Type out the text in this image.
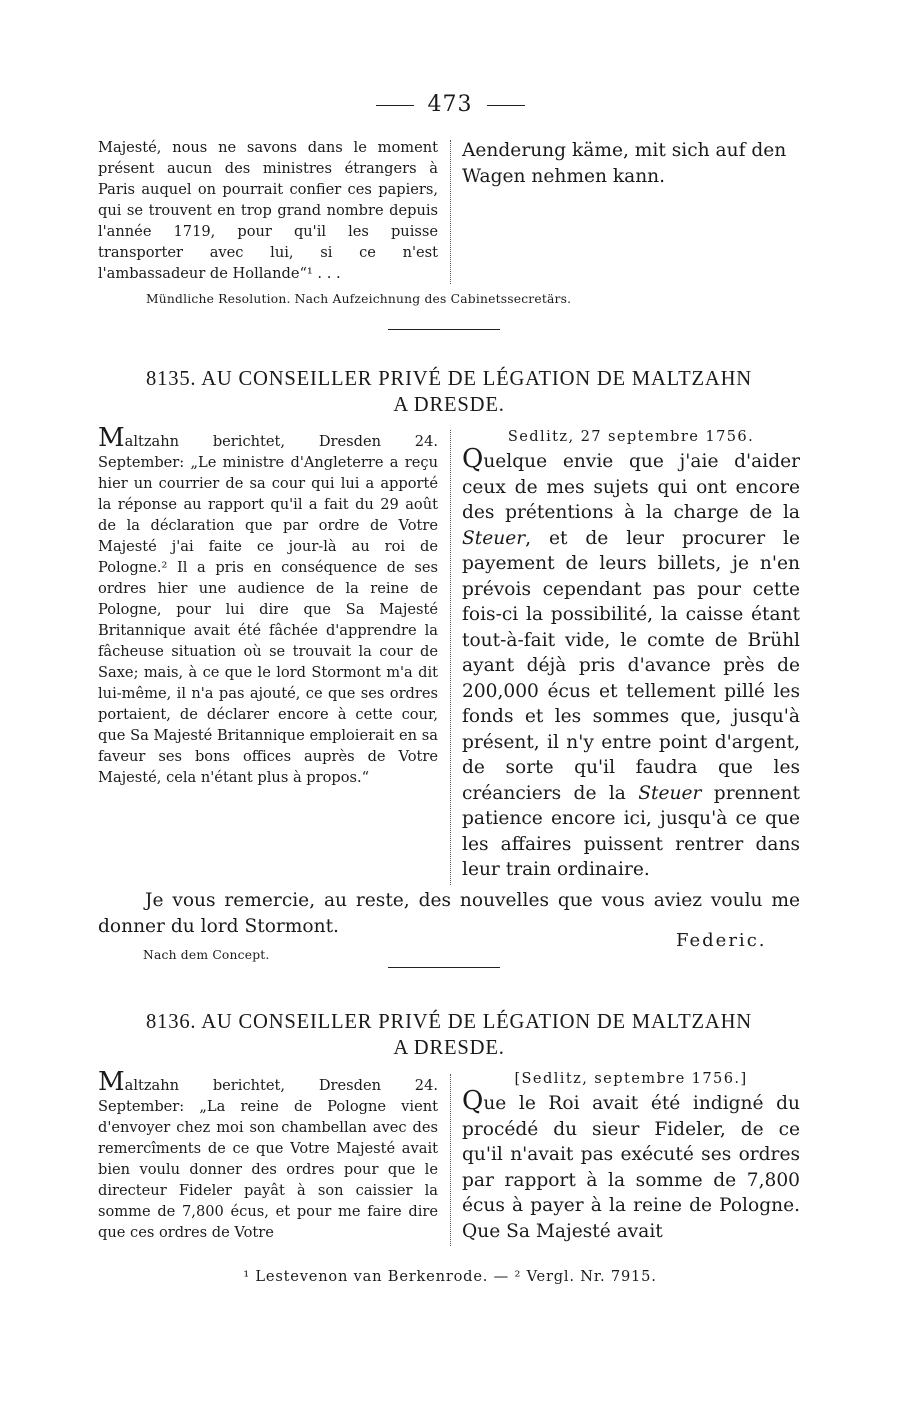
473
Majesté, nous ne savons dans le moment présent aucun des ministres étrangers à Paris auquel on pourrait confier ces papiers, qui se trouvent en trop grand nombre depuis l'année 1719, pour qu'il les puisse transporter avec lui, si ce n'est l'ambassadeur de Hollande“¹ . . .
Aenderung käme, mit sich auf den Wagen nehmen kann.
Mündliche Resolution. Nach Aufzeichnung des Cabinetssecretärs.
8135. AU CONSEILLER PRIVÉ DE LÉGATION DE MALTZAHN
A DRESDE.
Maltzahn berichtet, Dresden 24. September: „Le ministre d'Angleterre a reçu hier un courrier de sa cour qui lui a apporté la réponse au rapport qu'il a fait du 29 août de la déclaration que par ordre de Votre Majesté j'ai faite ce jour-là au roi de Pologne.² Il a pris en conséquence de ses ordres hier une audience de la reine de Pologne, pour lui dire que Sa Majesté Britannique avait été fâchée d'apprendre la fâcheuse situation où se trouvait la cour de Saxe; mais, à ce que le lord Stormont m'a dit lui-même, il n'a pas ajouté, ce que ses ordres portaient, de déclarer encore à cette cour, que Sa Majesté Britannique emploierait en sa faveur ses bons offices auprès de Votre Majesté, cela n'étant plus à propos.“
Sedlitz, 27 septembre 1756.
Quelque envie que j'aie d'aider ceux de mes sujets qui ont encore des prétentions à la charge de la Steuer, et de leur procurer le payement de leurs billets, je n'en prévois cependant pas pour cette fois-ci la possibilité, la caisse étant tout-à-fait vide, le comte de Brühl ayant déjà pris d'avance près de 200,000 écus et tellement pillé les fonds et les sommes que, jusqu'à présent, il n'y entre point d'argent, de sorte qu'il faudra que les créanciers de la Steuer prennent patience encore ici, jusqu'à ce que les affaires puissent rentrer dans leur train ordinaire.
Je vous remercie, au reste, des nouvelles que vous aviez voulu me donner du lord Stormont.
Federic.
Nach dem Concept.
8136. AU CONSEILLER PRIVÉ DE LÉGATION DE MALTZAHN
A DRESDE.
Maltzahn berichtet, Dresden 24. September: „La reine de Pologne vient d'envoyer chez moi son chambellan avec des remercîments de ce que Votre Majesté avait bien voulu donner des ordres pour que le directeur Fideler payât à son caissier la somme de 7,800 écus, et pour me faire dire que ces ordres de Votre
[Sedlitz, septembre 1756.]
Que le Roi avait été indigné du procédé du sieur Fideler, de ce qu'il n'avait pas exécuté ses ordres par rapport à la somme de 7,800 écus à payer à la reine de Pologne. Que Sa Majesté avait
¹ Lestevenon van Berkenrode. — ² Vergl. Nr. 7915.
